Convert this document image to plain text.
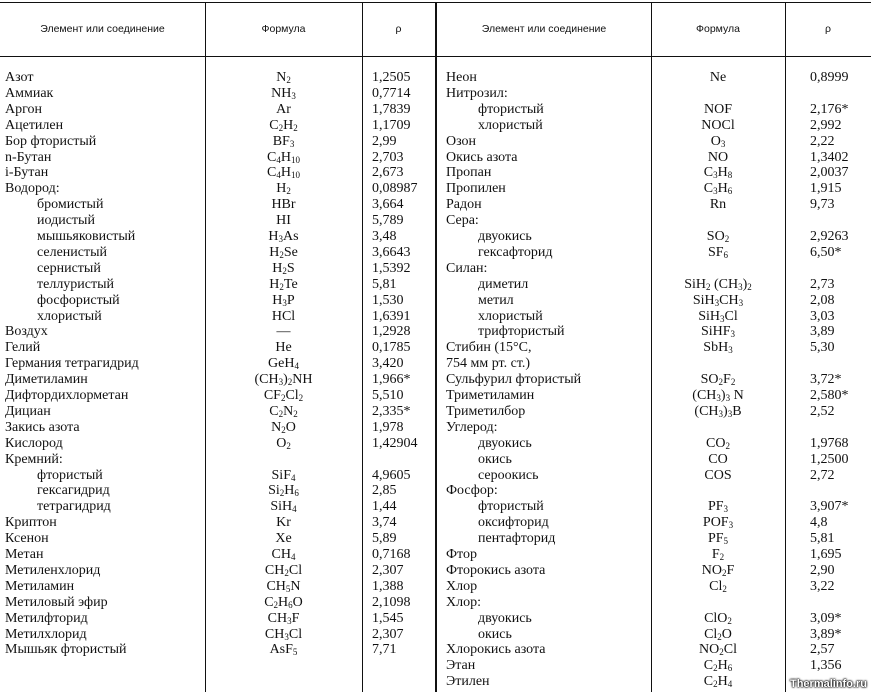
Элемент или соединение	Формула	ρ	Элемент или соединение	Формула	ρ
Азот	$N_2$	1,2505
Аммиак	$NH_3$	0,7714
Аргон	Ar	1,7839
Ацетилен	$C_2H_2$	1,1709
Бор фтористый	$BF_3$	2,99
n-Бутан	$C_4H_{10}$	2,703
i-Бутан	$C_4H_{10}$	2,673
Водород:	$H_2$	0,08987
бромистый	HBr	3,664
иодистый	HI	5,789
мышьяковистый	$H_3As$	3,48
селенистый	$H_2Se$	3,6643
сернистый	$H_2S$	1,5392
теллуристый	$H_2Te$	5,81
фосфористый	$H_3P$	1,530
хлористый	HCl	1,6391
Воздух	—	1,2928
Гелий	He	0,1785
Германия тетрагидрид	GeH$_4$	3,420
Диметиламин	$(CH_3)_2NH$	1,966*
Дифтордихлорметан	$CF_2Cl_2$	5,510
Дициан	$C_2N_2$	2,335*
Закись азота	$N_2O$	1,978
Кислород	$O_2$	1,42904
Кремний:
фтористый	SiF$_4$	4,9605
гексагидрид	$Si_2H_6$	2,85
тетрагидрид	SiH$_4$	1,44
Криптон	Kr	3,74
Ксенон	Xe	5,89
Метан	$CH_4$	0,7168
Метиленхлорид	$CH_2Cl$	2,307
Метиламин	$CH_5N$	1,388
Метиловый эфир	$C_2H_6O$	2,1098
Метилфторид	$CH_3F$	1,545
Метилхлорид	$CH_3Cl$	2,307
Мышьяк фтористый	AsF$_5$	7,71
Неон	Ne	0,8999
Нитрозил:
фтористый	NOF	2,176*
хлористый	NOCl	2,992
Озон	$O_3$	2,22
Окись азота	NO	1,3402
Пропан	$C_3H_8$	2,0037
Пропилен	$C_3H_6$	1,915
Радон	Rn	9,73
Сера:
двуокись	$SO_2$	2,9263
гексафторид	$SF_6$	6,50*
Силан:
диметил	SiH$_2$ $(CH_3)_2$	2,73
метил	$SiH_3CH_3$	2,08
хлористый	SiH$_3$Cl	3,03
трифтористый	SiHF$_3$	3,89
Стибин (15°C,	SbH$_3$	5,30
754 мм рт. ст.)
Сульфурил фтористый	$SO_2F_2$	3,72*
Триметиламин	$(CH_3)_3$ N	2,580*
Триметилбор	$(CH_3)_3B$	2,52
Углерод:
двуокись	$CO_2$	1,9768
окись	CO	1,2500
сероокись	COS	2,72
Фосфор:
фтористый	$PF_3$	3,907*
оксифторид	$POF_3$	4,8
пентафторид	$PF_5$	5,81
Фтор	$F_2$	1,695
Фторокись азота	$NO_2F$	2,90
Хлор	$Cl_2$	3,22
Хлор:
двуокись	ClO$_2$	3,09*
окись	$Cl_2O$	3,89*
Хлорокись азота	$NO_2Cl$	2,57
Этан	$C_2H_6$	1,356
Этилен	$C_2H_4$	Thermalinfo.ru
